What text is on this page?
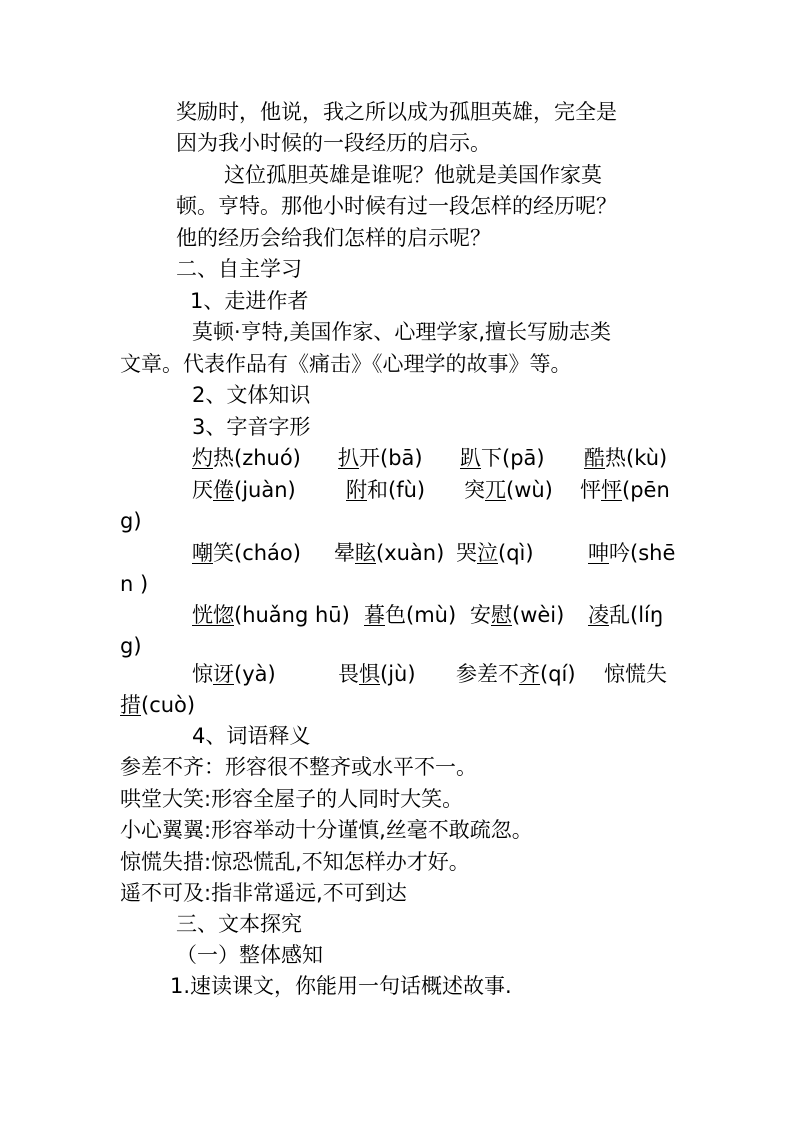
奖励时，他说，我之所以成为孤胆英雄，完全是
因为我小时候的一段经历的启示。
这位孤胆英雄是谁呢？他就是美国作家莫
顿。亨特。那他小时候有过一段怎样的经历呢？
他的经历会给我们怎样的启示呢？
二、自主学习
1、走进作者
莫顿·亨特,美国作家、心理学家,擅长写励志类
文章。代表作品有《痛击》《心理学的故事》等。
2、文体知识
3、字音字形
灼热(zhuó) 扒开(bā) 趴下(pā) 酷热(kù)
厌倦(juàn) 附和(fù) 突兀(wù) 怦怦(pēn
g)
嘲笑(cháo) 晕眩(xuàn) 哭泣(qì)	呻吟(shē
n )
恍惚(huǎng hū) 暮色(mù) 安慰(wèi) 凌乱(líŋ
g)
惊讶(yà)	畏惧(jù) 参差不齐(qí) 惊慌失
措(cuò)
4、词语释义
参差不齐：形容很不整齐或水平不一。
哄堂大笑:形容全屋子的人同时大笑。
小心翼翼:形容举动十分谨慎,丝毫不敢疏忽。
惊慌失措:惊恐慌乱,不知怎样办才好。
遥不可及:指非常遥远,不可到达
三、文本探究
（一）整体感知
1.速读课文，你能用一句话概述故事.
